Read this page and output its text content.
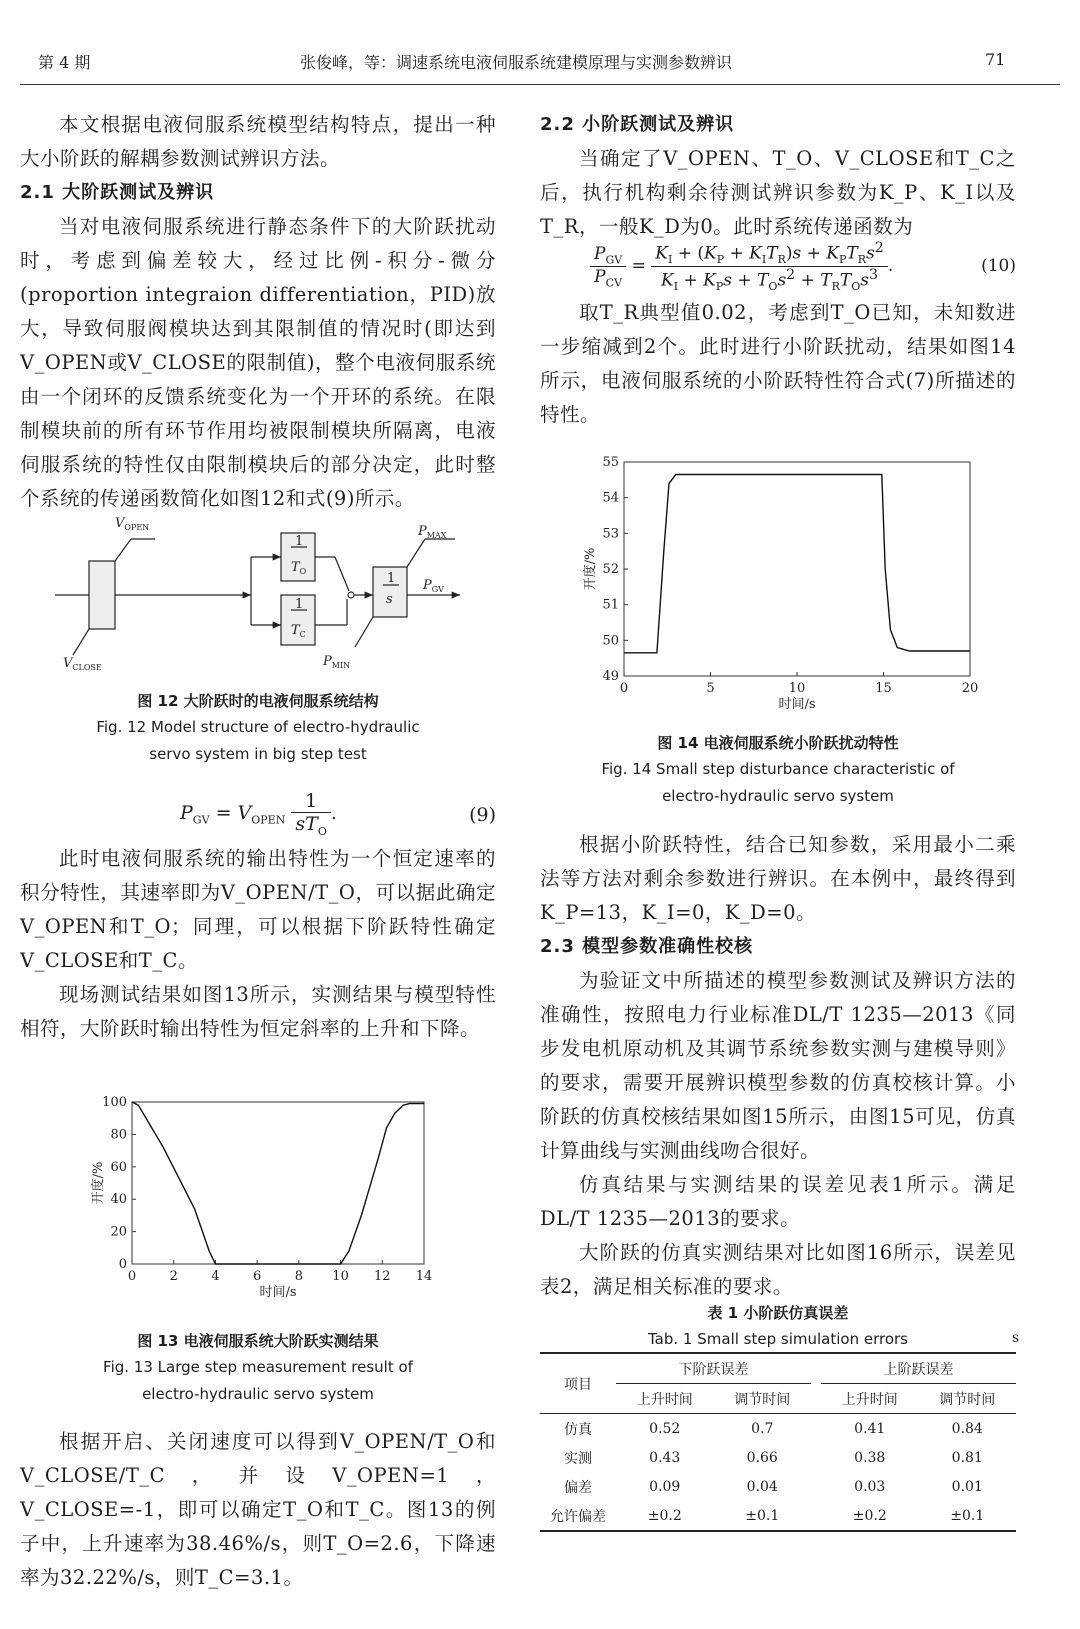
第 4 期	张俊峰，等：调速系统电液伺服系统建模原理与实测参数辨识	71

本文根据电液伺服系统模型结构特点，提出一种大小阶跃的解耦参数测试辨识方法。

2.1 大阶跃测试及辨识

当对电液伺服系统进行静态条件下的大阶跃扰动时，考虑到偏差较大，经过比例-积分-微分(proportion integraion differentiation，PID)放大，导致伺服阀模块达到其限制值的情况时(即达到V_OPEN或V_CLOSE的限制值)，整个电液伺服系统由一个闭环的反馈系统变化为一个开环的系统。在限制模块前的所有环节作用均被限制模块所隔离，电液伺服系统的特性仅由限制模块后的部分决定，此时整个系统的传递函数简化如图12和式(9)所示。

$V_{OPEN}$
$V_{CLOSE}$
$P_{MAX}$
$P_{MIN}$
$P_{GV}$
1
$T_O$
1
$T_C$
1
s
图 12 大阶跃时的电液伺服系统结构
Fig. 12 Model structure of electro-hydraulic
servo system in big step test
$P_{GV} = V_{OPEN} \frac{1}{sT_O}$ .	(9)

此时电液伺服系统的输出特性为一个恒定速率的积分特性，其速率即为V_OPEN/T_O，可以据此确定V_OPEN和T_O；同理，可以根据下阶跃特性确定V_CLOSE和T_C。

现场测试结果如图13所示，实测结果与模型特性相符，大阶跃时输出特性为恒定斜率的上升和下降。

0	2	4	6	8 10 12 14
0
20
40
60
80
100
时间/s
开度/%
图 13 电液伺服系统大阶跃实测结果
Fig. 13 Large step measurement result of
electro-hydraulic servo system

根据开启、关闭速度可以得到V_OPEN/T_O和V_CLOSE/T_C，并设V_OPEN=1，V_CLOSE=-1，即可以确定T_O和T_C。图13的例子中，上升速率为38.46%/s，则T_O=2.6，下降速率为32.22%/s，则T_C=3.1。

2.2 小阶跃测试及辨识

当确定了V_OPEN、T_O、V_CLOSE和T_C之后，执行机构剩余待测试辨识参数为K_P、K_I以及T_R，一般K_D为0。此时系统传递函数为

$\frac{P_{GV}}{P_{CV}} = \frac{K_I + (K_P + K_IT_R)s + K_PT_Rs^2}{K_I + K_Ps + T_Os^2 + T_RT_Os^3}$ .	(10)

取T_R典型值0.02，考虑到T_O已知，未知数进一步缩减到2个。此时进行小阶跃扰动，结果如图14所示，电液伺服系统的小阶跃特性符合式(7)所描述的特性。

0	5	10	15	20
49
50
51
52
53
54
55
时间/s
开度/%
图 14 电液伺服系统小阶跃扰动特性
Fig. 14 Small step disturbance characteristic of
electro-hydraulic servo system

根据小阶跃特性，结合已知参数，采用最小二乘法等方法对剩余参数进行辨识。在本例中，最终得到K_P=13，K_I=0，K_D=0。

2.3 模型参数准确性校核

为验证文中所描述的模型参数测试及辨识方法的准确性，按照电力行业标准DL/T 1235—2013《同步发电机原动机及其调节系统参数实测与建模导则》的要求，需要开展辨识模型参数的仿真校核计算。小阶跃的仿真校核结果如图15所示，由图15可见，仿真计算曲线与实测曲线吻合很好。

仿真结果与实测结果的误差见表1所示。满足DL/T 1235—2013的要求。

大阶跃的仿真实测结果对比如图16所示，误差见表2，满足相关标准的要求。

表 1 小阶跃仿真误差
Tab. 1 Small step simulation errors	s
项目	下阶跃误差			上阶跃误差	
	上升时间	调节时间		上升时间	调节时间
仿真	0.52	0.7		0.41	0.84
实测	0.43	0.66		0.38	0.81
偏差	0.09	0.04		0.03	0.01
允许偏差	±0.2	±0.1		±0.2	±0.1
